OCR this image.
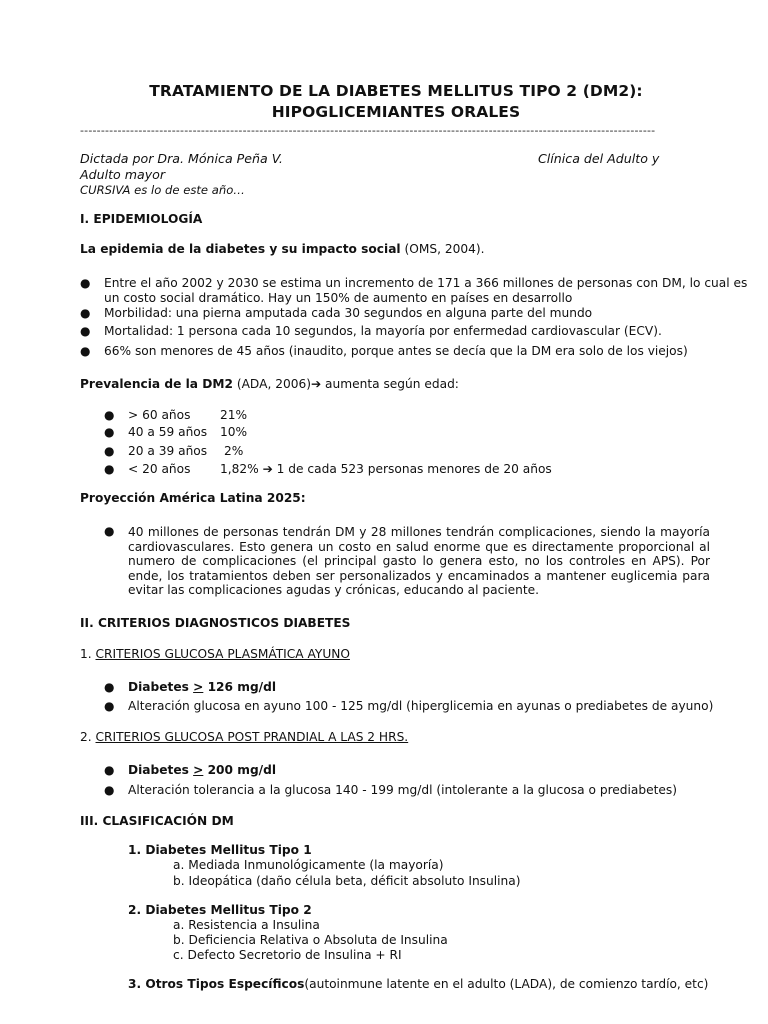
TRATAMIENTO DE LA DIABETES MELLITUS TIPO 2 (DM2):
HIPOGLICEMIANTES ORALES
------------------------------------------------------------------------------------------------------------------------------------------
Dictada por Dra. Mónica Peña V.	Clínica del Adulto y
Adulto mayor
CURSIVA es lo de este año…
I. EPIDEMIOLOGÍA
La epidemia de la diabetes y su impacto social (OMS, 2004).
● Entre el año 2002 y 2030 se estima un incremento de 171 a 366 millones de personas con DM, lo cual es
un costo social dramático. Hay un 150% de aumento en países en desarrollo
● Morbilidad: una pierna amputada cada 30 segundos en alguna parte del mundo
● Mortalidad: 1 persona cada 10 segundos, la mayoría por enfermedad cardiovascular (ECV).
● 66% son menores de 45 años (inaudito, porque antes se decía que la DM era solo de los viejos)
Prevalencia de la DM2 (ADA, 2006)➔ aumenta según edad:
● > 60 años 21%
● 40 a 59 años 10%
● 20 a 39 años 2%
● < 20 años 1,82% ➔ 1 de cada 523 personas menores de 20 años
Proyección América Latina 2025:
● 40 millones de personas tendrán DM y 28 millones tendrán complicaciones, siendo la mayoría cardiovasculares. Esto genera un costo en salud enorme que es directamente proporcional al numero de complicaciones (el principal gasto lo genera esto, no los controles en APS). Por ende, los tratamientos deben ser personalizados y encaminados a mantener euglicemia para evitar las complicaciones agudas y crónicas, educando al paciente.
II. CRITERIOS DIAGNOSTICOS DIABETES
1. CRITERIOS GLUCOSA PLASMÁTICA AYUNO
● Diabetes ≥ 126 mg/dl
● Alteración glucosa en ayuno 100 - 125 mg/dl (hiperglicemia en ayunas o prediabetes de ayuno)
2. CRITERIOS GLUCOSA POST PRANDIAL A LAS 2 HRS.
● Diabetes ≥ 200 mg/dl
● Alteración tolerancia a la glucosa 140 - 199 mg/dl (intolerante a la glucosa o prediabetes)
III. CLASIFICACIÓN DM
1. Diabetes Mellitus Tipo 1
a. Mediada Inmunológicamente (la mayoría)
b. Ideopática (daño célula beta, déficit absoluto Insulina)
2. Diabetes Mellitus Tipo 2
a. Resistencia a Insulina
b. Deficiencia Relativa o Absoluta de Insulina
c. Defecto Secretorio de Insulina + RI
3. Otros Tipos Específicos(autoinmune latente en el adulto (LADA), de comienzo tardío, etc)
